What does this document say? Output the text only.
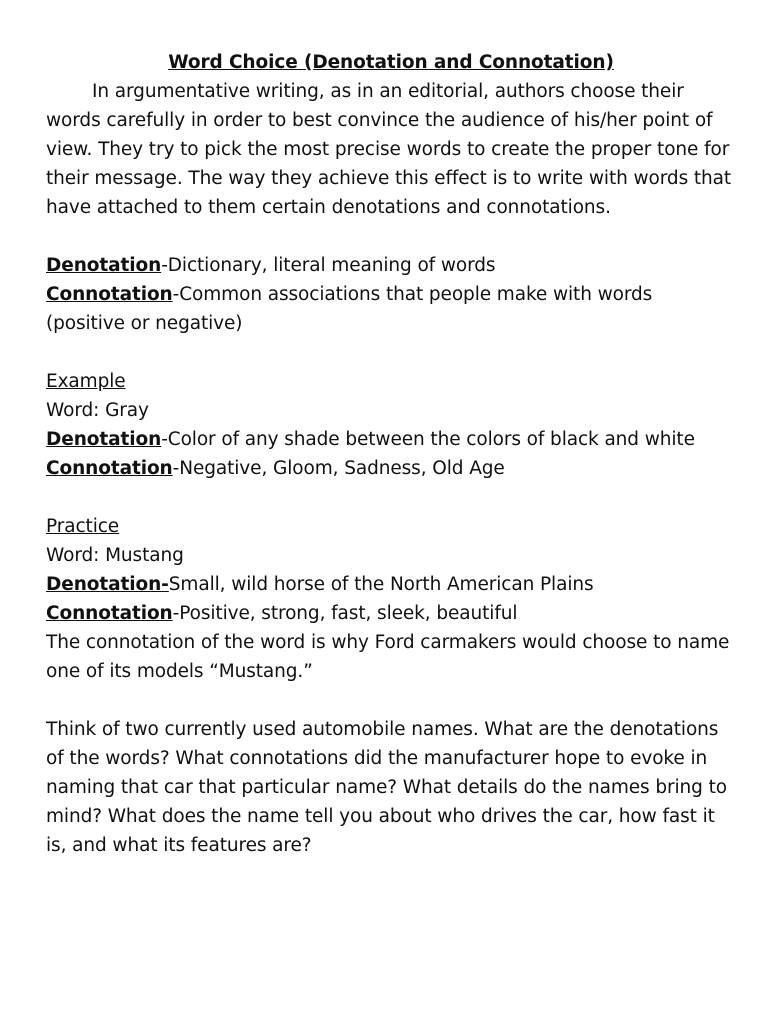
Word Choice (Denotation and Connotation)

In argumentative writing, as in an editorial, authors choose their words carefully in order to best convince the audience of his/her point of view. They try to pick the most precise words to create the proper tone for their message. The way they achieve this effect is to write with words that have attached to them certain denotations and connotations.

Denotation-Dictionary, literal meaning of words

Connotation-Common associations that people make with words (positive or negative)

Example

Word: Gray

Denotation-Color of any shade between the colors of black and white

Connotation-Negative, Gloom, Sadness, Old Age

Practice

Word: Mustang

Denotation-Small, wild horse of the North American Plains

Connotation-Positive, strong, fast, sleek, beautiful

The connotation of the word is why Ford carmakers would choose to name one of its models “Mustang.”

Think of two currently used automobile names. What are the denotations of the words? What connotations did the manufacturer hope to evoke in naming that car that particular name? What details do the names bring to mind? What does the name tell you about who drives the car, how fast it is, and what its features are?
